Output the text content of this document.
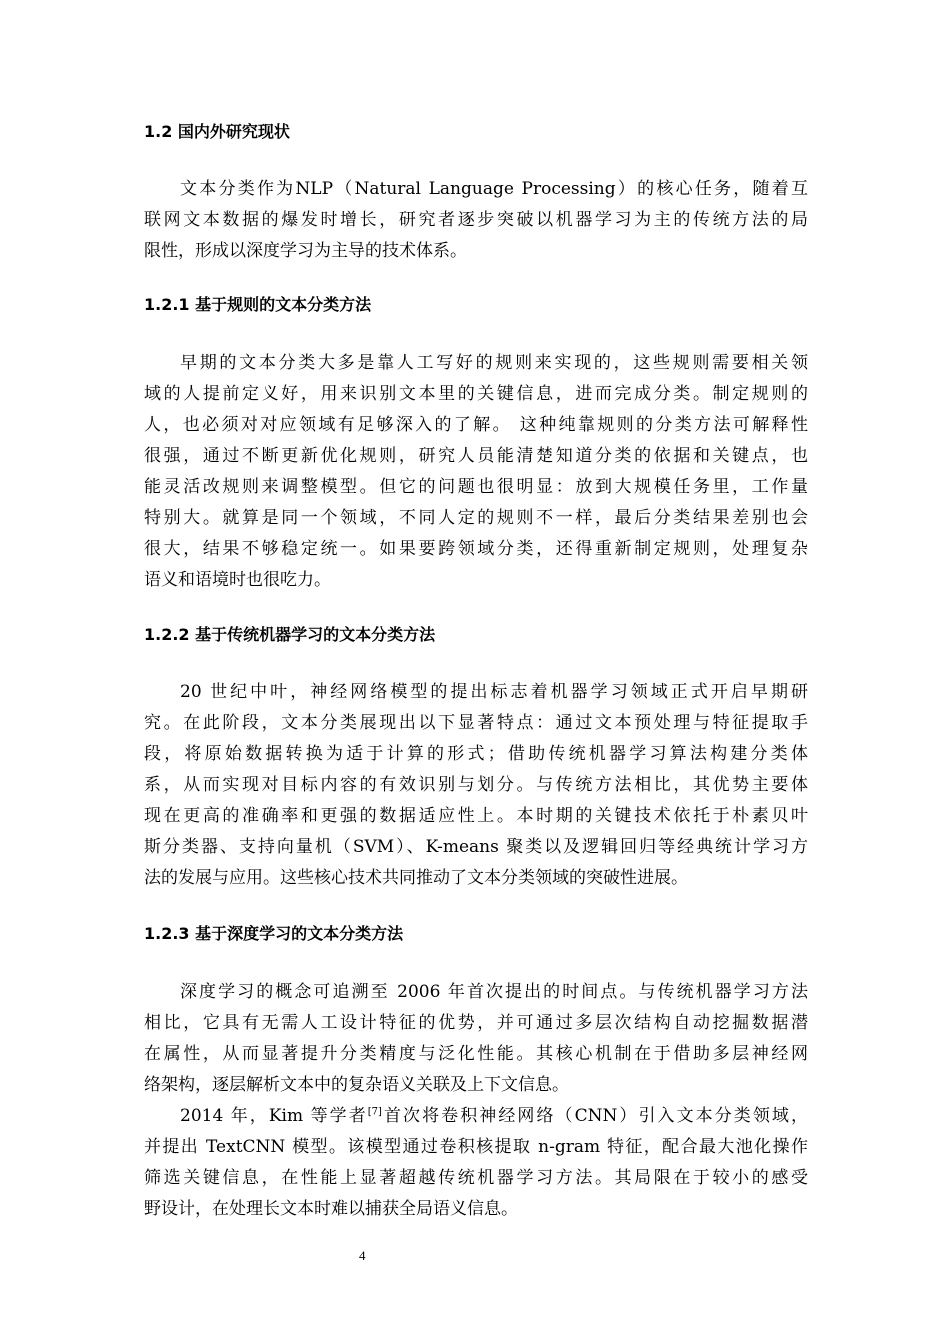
1.2 国内外研究现状
文本分类作为NLP（Natural Language Processing）的核心任务，随着互
联网文本数据的爆发时增长，研究者逐步突破以机器学习为主的传统方法的局
限性，形成以深度学习为主导的技术体系。
1.2.1 基于规则的文本分类方法
早期的文本分类大多是靠人工写好的规则来实现的，这些规则需要相关领
域的人提前定义好，用来识别文本里的关键信息，进而完成分类。制定规则的
人，也必须对对应领域有足够深入的了解。 这种纯靠规则的分类方法可解释性
很强，通过不断更新优化规则，研究人员能清楚知道分类的依据和关键点，也
能灵活改规则来调整模型。但它的问题也很明显：放到大规模任务里，工作量
特别大。就算是同一个领域，不同人定的规则不一样，最后分类结果差别也会
很大，结果不够稳定统一。如果要跨领域分类，还得重新制定规则，处理复杂
语义和语境时也很吃力。
1.2.2 基于传统机器学习的文本分类方法
20 世纪中叶，神经网络模型的提出标志着机器学习领域正式开启早期研
究。在此阶段，文本分类展现出以下显著特点：通过文本预处理与特征提取手
段，将原始数据转换为适于计算的形式；借助传统机器学习算法构建分类体
系，从而实现对目标内容的有效识别与划分。与传统方法相比，其优势主要体
现在更高的准确率和更强的数据适应性上。本时期的关键技术依托于朴素贝叶
斯分类器、支持向量机（SVM）、K-means 聚类以及逻辑回归等经典统计学习方
法的发展与应用。这些核心技术共同推动了文本分类领域的突破性进展。
1.2.3 基于深度学习的文本分类方法
深度学习的概念可追溯至 2006 年首次提出的时间点。与传统机器学习方法
相比，它具有无需人工设计特征的优势，并可通过多层次结构自动挖掘数据潜
在属性，从而显著提升分类精度与泛化性能。其核心机制在于借助多层神经网
络架构，逐层解析文本中的复杂语义关联及上下文信息。
2014 年，Kim 等学者[7]首次将卷积神经网络（CNN）引入文本分类领域，
并提出 TextCNN 模型。该模型通过卷积核提取 n-gram 特征，配合最大池化操作
筛选关键信息，在性能上显著超越传统机器学习方法。其局限在于较小的感受
野设计，在处理长文本时难以捕获全局语义信息。
4
